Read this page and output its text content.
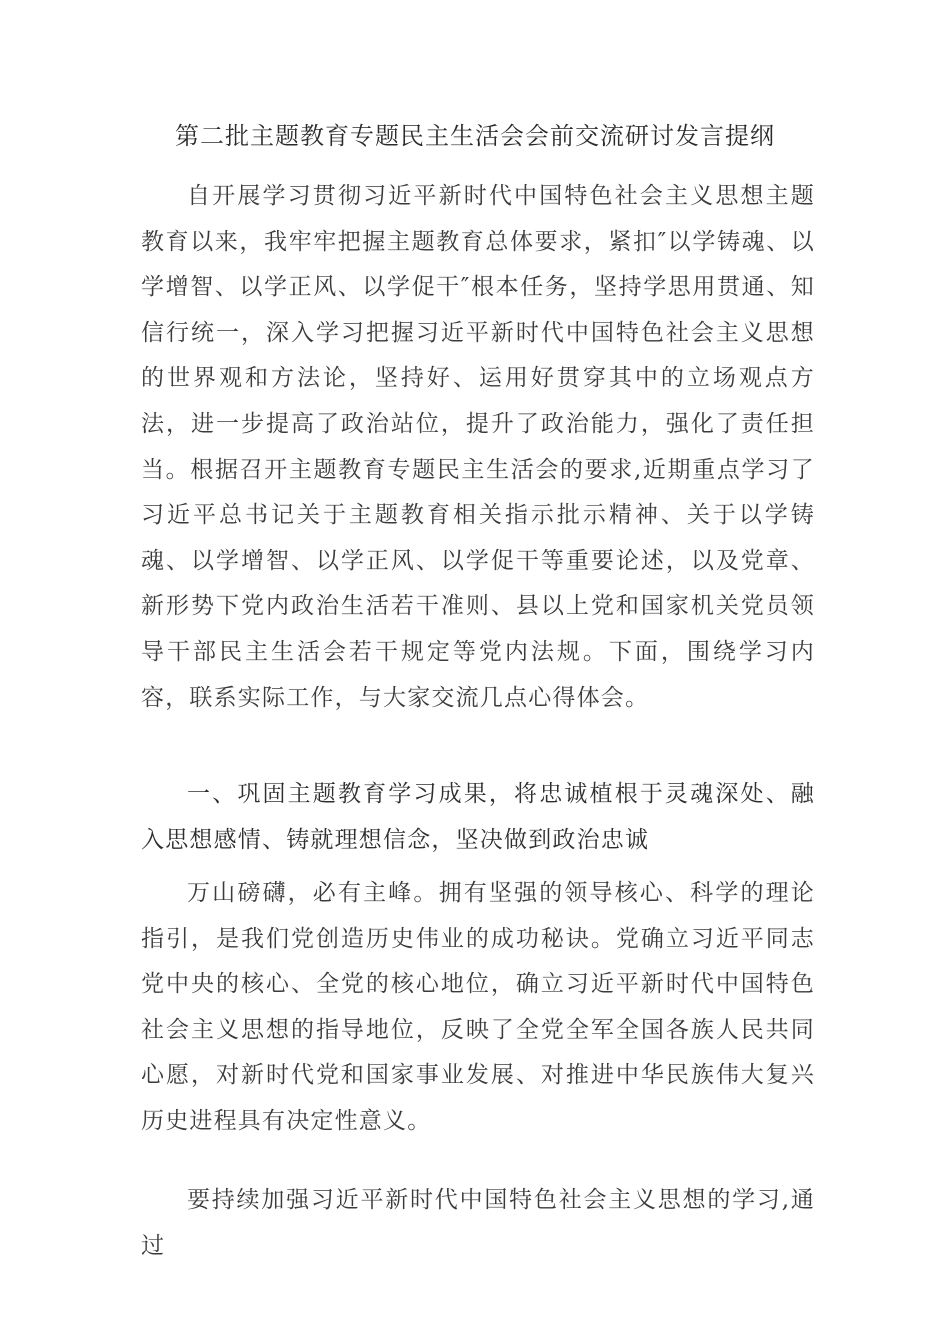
第二批主题教育专题民主生活会会前交流研讨发言提纲

自开展学习贯彻习近平新时代中国特色社会主义思想主题教育以来，我牢牢把握主题教育总体要求，紧扣″以学铸魂、以学增智、以学正风、以学促干″根本任务，坚持学思用贯通、知信行统一，深入学习把握习近平新时代中国特色社会主义思想的世界观和方法论，坚持好、运用好贯穿其中的立场观点方法，进一步提高了政治站位，提升了政治能力，强化了责任担当。根据召开主题教育专题民主生活会的要求,近期重点学习了习近平总书记关于主题教育相关指示批示精神、关于以学铸魂、以学增智、以学正风、以学促干等重要论述，以及党章、新形势下党内政治生活若干准则、县以上党和国家机关党员领导干部民主生活会若干规定等党内法规。下面，围绕学习内容，联系实际工作，与大家交流几点心得体会。

一、巩固主题教育学习成果，将忠诚植根于灵魂深处、融入思想感情、铸就理想信念，坚决做到政治忠诚

万山磅礴，必有主峰。拥有坚强的领导核心、科学的理论指引，是我们党创造历史伟业的成功秘诀。党确立习近平同志党中央的核心、全党的核心地位，确立习近平新时代中国特色社会主义思想的指导地位，反映了全党全军全国各族人民共同心愿，对新时代党和国家事业发展、对推进中华民族伟大复兴历史进程具有决定性意义。

要持续加强习近平新时代中国特色社会主义思想的学习,通过
